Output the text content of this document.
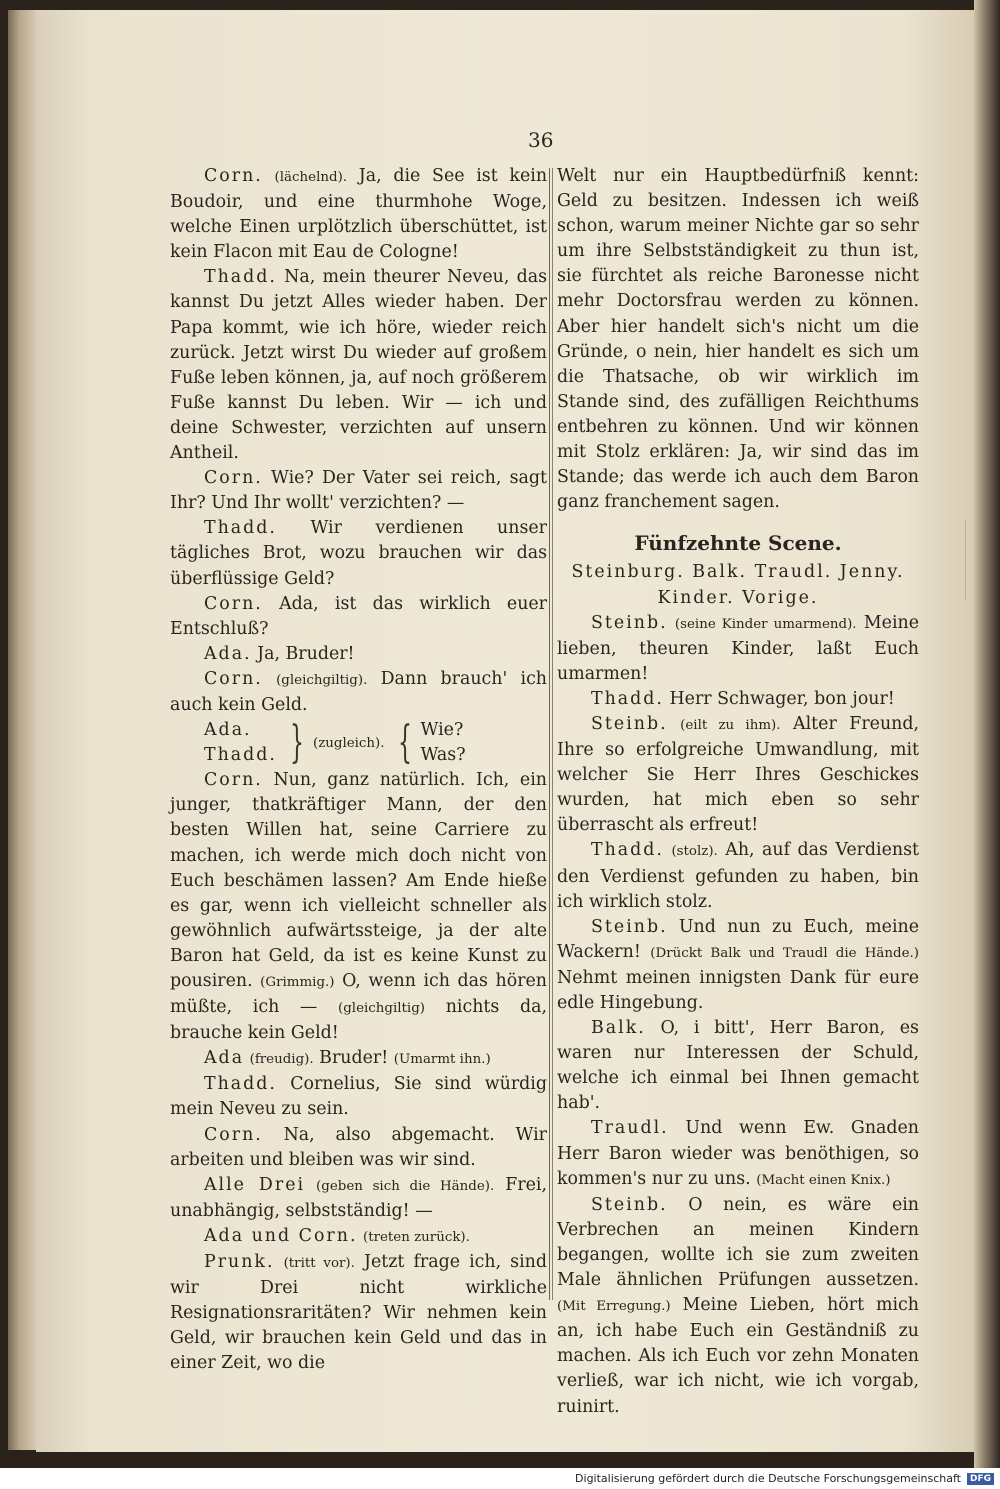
36

Corn. (lächelnd). Ja, die See ist kein Boudoir, und eine thurmhohe Woge, welche Einen urplötzlich überschüttet, ist kein Flacon mit Eau de Cologne!

Thadd. Na, mein theurer Neveu, das kannst Du jetzt Alles wieder haben. Der Papa kommt, wie ich höre, wieder reich zurück. Jetzt wirst Du wieder auf großem Fuße leben können, ja, auf noch größerem Fuße kannst Du leben. Wir — ich und deine Schwester, verzichten auf unsern Antheil.

Corn. Wie? Der Vater sei reich, sagt Ihr? Und Ihr wollt' verzichten? —

Thadd. Wir verdienen unser tägliches Brot, wozu brauchen wir das überflüssige Geld?

Corn. Ada, ist das wirklich euer Entschluß?

Ada. Ja, Bruder!

Corn. (gleichgiltig). Dann brauch' ich auch kein Geld.

Ada.
Thadd. } (zugleich). { Wie?
Was?

Corn. Nun, ganz natürlich. Ich, ein junger, thatkräftiger Mann, der den besten Willen hat, seine Carriere zu machen, ich werde mich doch nicht von Euch beschämen lassen? Am Ende hieße es gar, wenn ich vielleicht schneller als gewöhnlich aufwärtssteige, ja der alte Baron hat Geld, da ist es keine Kunst zu pousiren. (Grimmig.) O, wenn ich das hören müßte, ich — (gleichgiltig) nichts da, brauche kein Geld!

Ada (freudig). Bruder! (Umarmt ihn.)

Thadd. Cornelius, Sie sind würdig mein Neveu zu sein.

Corn. Na, also abgemacht. Wir arbeiten und bleiben was wir sind.

Alle Drei (geben sich die Hände). Frei, unabhängig, selbstständig! —

Ada und Corn. (treten zurück).

Prunk. (tritt vor). Jetzt frage ich, sind wir Drei nicht wirkliche Resignationsraritäten? Wir nehmen kein Geld, wir brauchen kein Geld und das in einer Zeit, wo die

Welt nur ein Hauptbedürfniß kennt: Geld zu besitzen. Indessen ich weiß schon, warum meiner Nichte gar so sehr um ihre Selbstständigkeit zu thun ist, sie fürchtet als reiche Baronesse nicht mehr Doctorsfrau werden zu können. Aber hier handelt sich's nicht um die Gründe, o nein, hier handelt es sich um die Thatsache, ob wir wirklich im Stande sind, des zufälligen Reichthums entbehren zu können. Und wir können mit Stolz erklären: Ja, wir sind das im Stande; das werde ich auch dem Baron ganz franchement sagen.

Fünfzehnte Scene.

Steinburg. Balk. Traudl. Jenny.

Kinder. Vorige.

Steinb. (seine Kinder umarmend). Meine lieben, theuren Kinder, laßt Euch umarmen!

Thadd. Herr Schwager, bon jour!

Steinb. (eilt zu ihm). Alter Freund, Ihre so erfolgreiche Umwandlung, mit welcher Sie Herr Ihres Geschickes wurden, hat mich eben so sehr überrascht als erfreut!

Thadd. (stolz). Ah, auf das Verdienst den Verdienst gefunden zu haben, bin ich wirklich stolz.

Steinb. Und nun zu Euch, meine Wackern! (Drückt Balk und Traudl die Hände.) Nehmt meinen innigsten Dank für eure edle Hingebung.

Balk. O, i bitt', Herr Baron, es waren nur Interessen der Schuld, welche ich einmal bei Ihnen gemacht hab'.

Traudl. Und wenn Ew. Gnaden Herr Baron wieder was benöthigen, so kommen's nur zu uns. (Macht einen Knix.)

Steinb. O nein, es wäre ein Verbrechen an meinen Kindern begangen, wollte ich sie zum zweiten Male ähnlichen Prüfungen aussetzen. (Mit Erregung.) Meine Lieben, hört mich an, ich habe Euch ein Geständniß zu machen. Als ich Euch vor zehn Monaten verließ, war ich nicht, wie ich vorgab, ruinirt.

Digitalisierung gefördert durch die Deutsche Forschungsgemeinschaft	DFG
